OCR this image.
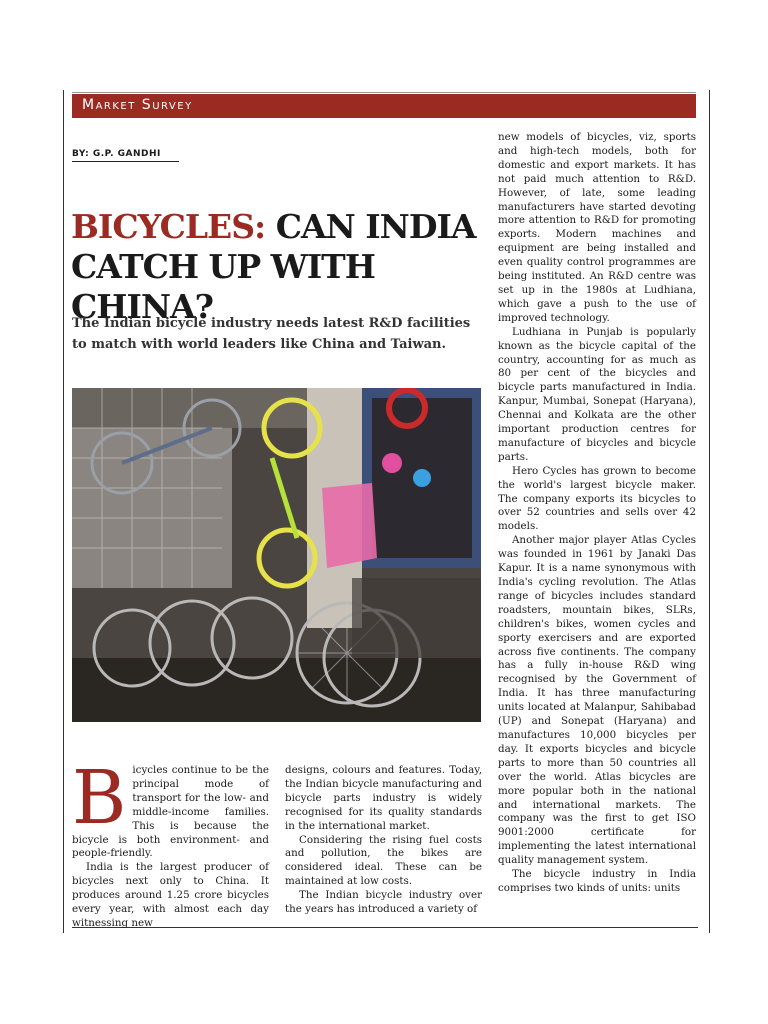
Market Survey
BY: G.P. GANDHI
BICYCLES: CAN INDIA
CATCH UP WITH CHINA?

The Indian bicycle industry needs latest R&D facilities to match with world leaders like China and Taiwan.

B icycles continue to be the principal mode of transport for the low- and middle-income families. This is because the bicycle is both environment- and people-friendly.

India is the largest producer of bicycles next only to China. It produces around 1.25 crore bicycles every year, with almost each day witnessing new

designs, colours and features. Today, the Indian bicycle manufacturing and bicycle parts industry is widely recognised for its quality standards in the international market.

Considering the rising fuel costs and pollution, the bikes are considered ideal. These can be maintained at low costs.

The Indian bicycle industry over the years has introduced a variety of

new models of bicycles, viz, sports and high-tech models, both for domestic and export markets. It has not paid much attention to R&D. However, of late, some leading manufacturers have started devoting more attention to R&D for promoting exports. Modern machines and equipment are being installed and even quality control programmes are being instituted. An R&D centre was set up in the 1980s at Ludhiana, which gave a push to the use of improved technology.

Ludhiana in Punjab is popularly known as the bicycle capital of the country, accounting for as much as 80 per cent of the bicycles and bicycle parts manufactured in India. Kanpur, Mumbai, Sonepat (Haryana), Chennai and Kolkata are the other important production centres for manufacture of bicycles and bicycle parts.

Hero Cycles has grown to become the world's largest bicycle maker. The company exports its bicycles to over 52 countries and sells over 42 models.

Another major player Atlas Cycles was founded in 1961 by Janaki Das Kapur. It is a name synonymous with India's cycling revolution. The Atlas range of bicycles includes standard roadsters, mountain bikes, SLRs, children's bikes, women cycles and sporty exercisers and are exported across five continents. The company has a fully in-house R&D wing recognised by the Government of India. It has three manufacturing units located at Malanpur, Sahibabad (UP) and Sonepat (Haryana) and manufactures 10,000 bicycles per day. It exports bicycles and bicycle parts to more than 50 countries all over the world. Atlas bicycles are more popular both in the national and international markets. The company was the first to get ISO 9001:2000 certificate for implementing the latest international quality management system.

The bicycle industry in India comprises two kinds of units: units
